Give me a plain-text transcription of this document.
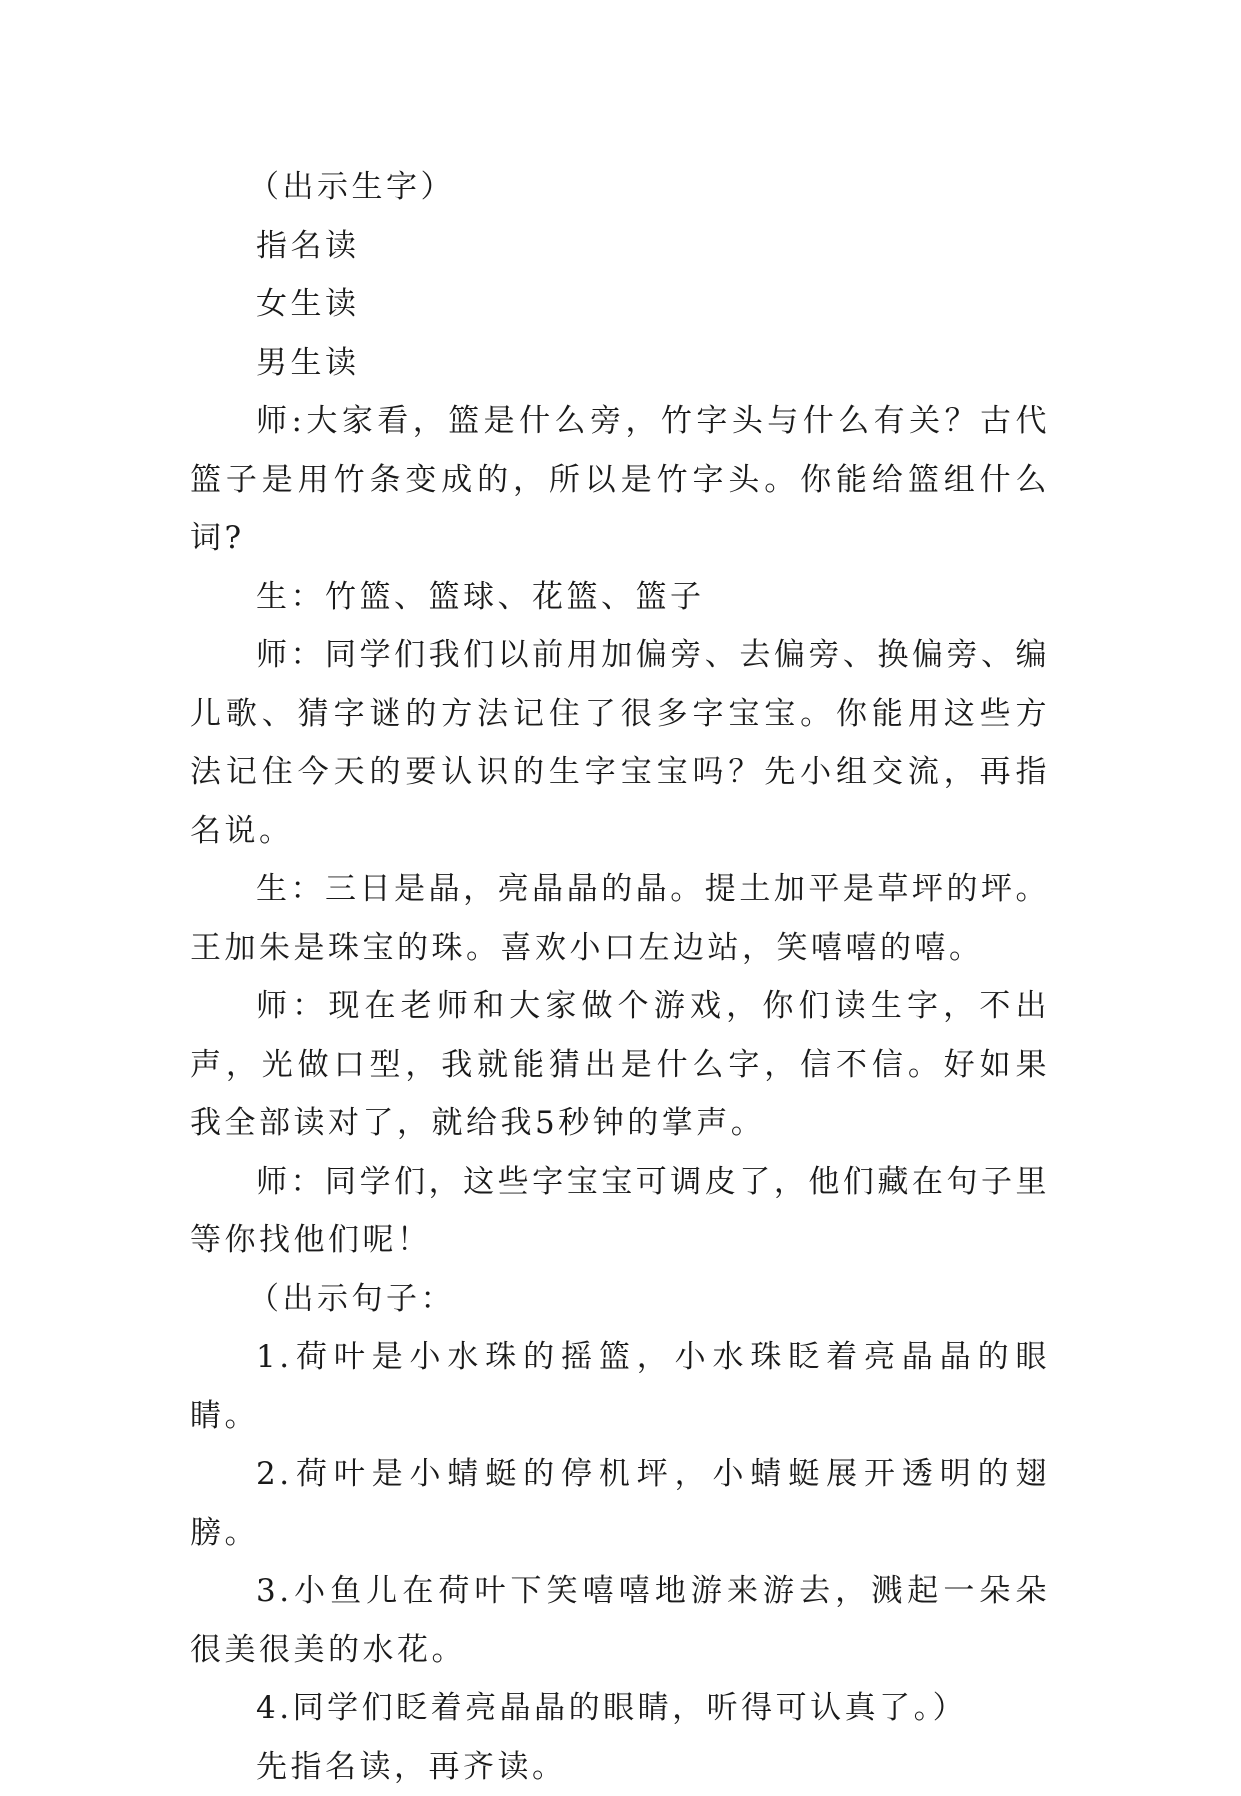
（出示生字）

指名读

女生读

男生读

师:大家看，篮是什么旁，竹字头与什么有关？古代篮子是用竹条变成的，所以是竹字头。你能给篮组什么词?

生：竹篮、篮球、花篮、篮子

师：同学们我们以前用加偏旁、去偏旁、换偏旁、编儿歌、猜字谜的方法记住了很多字宝宝。你能用这些方法记住今天的要认识的生字宝宝吗？先小组交流，再指名说。

生：三日是晶，亮晶晶的晶。提土加平是草坪的坪。王加朱是珠宝的珠。喜欢小口左边站，笑嘻嘻的嘻。

师：现在老师和大家做个游戏，你们读生字，不出声，光做口型，我就能猜出是什么字，信不信。好如果我全部读对了，就给我5秒钟的掌声。

师：同学们，这些字宝宝可调皮了，他们藏在句子里等你找他们呢！

（出示句子：

1.荷叶是小水珠的摇篮，小水珠眨着亮晶晶的眼睛。

2.荷叶是小蜻蜓的停机坪，小蜻蜓展开透明的翅膀。

3.小鱼儿在荷叶下笑嘻嘻地游来游去，溅起一朵朵很美很美的水花。

4.同学们眨着亮晶晶的眼睛，听得可认真了。）

先指名读，再齐读。
